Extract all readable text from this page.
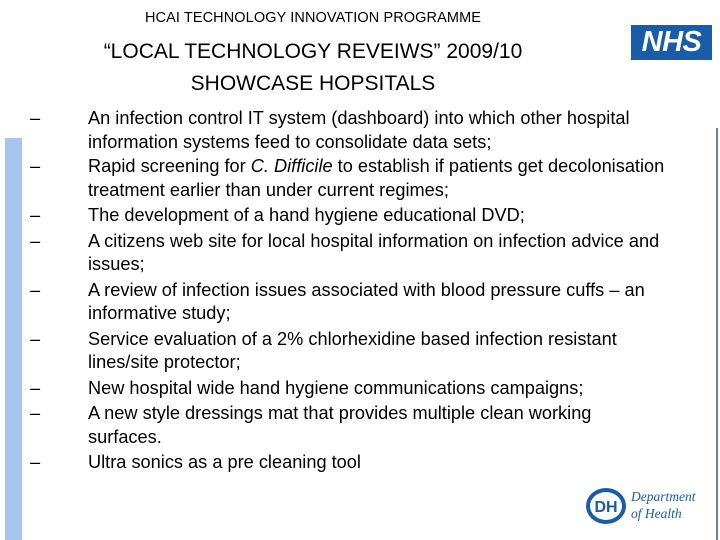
HCAI TECHNOLOGY INNOVATION PROGRAMME
“LOCAL TECHNOLOGY REVEIWS” 2009/10
SHOWCASE HOPSITALS
NHS
–	An infection control IT system (dashboard) into which other hospital information systems feed to consolidate data sets;
–	Rapid screening for C. Difficile to establish if patients get decolonisation treatment earlier than under current regimes;
–	The development of a hand hygiene educational DVD;
–	A citizens web site for local hospital information on infection advice and issues;
–	A review of infection issues associated with blood pressure cuffs – an informative study;
–	Service evaluation of a 2% chlorhexidine based infection resistant lines/site protector;
–	New hospital wide hand hygiene communications campaigns;
–	A new style dressings mat that provides multiple clean working surfaces.
–	Ultra sonics as a pre cleaning tool
DH
Department
of Health
